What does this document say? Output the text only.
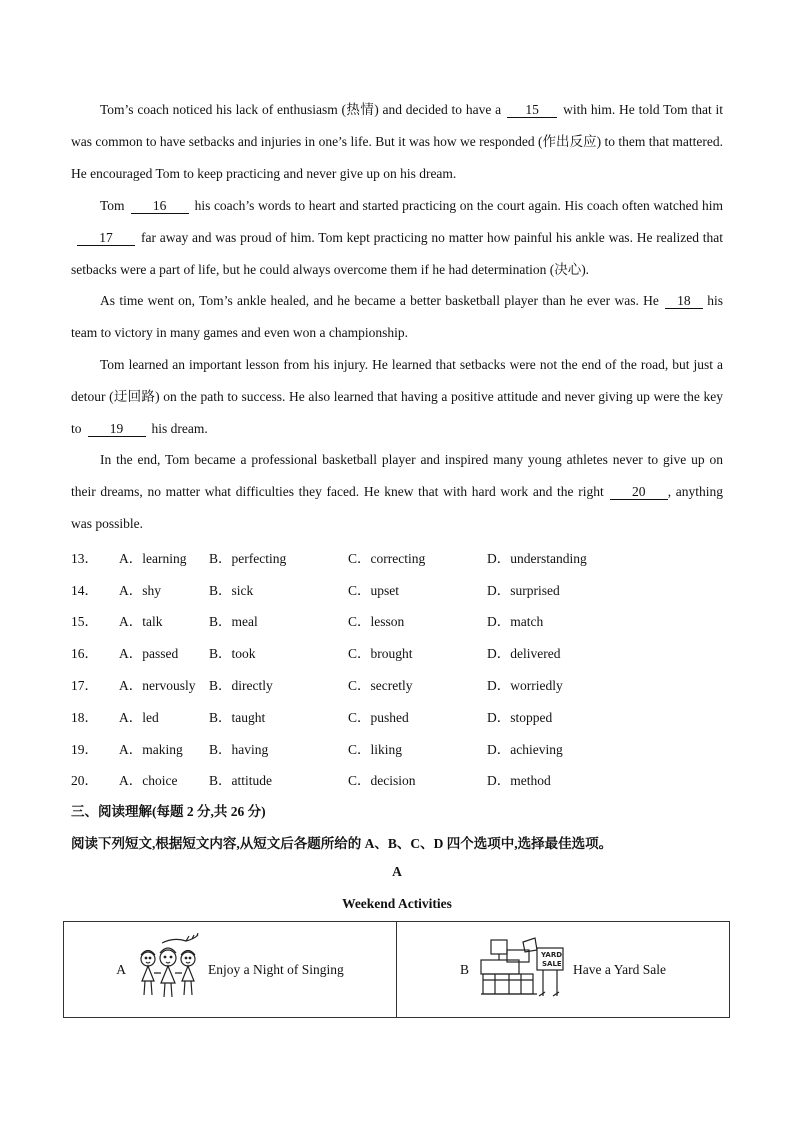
Tom’s coach noticed his lack of enthusiasm (热情) and decided to have a 15 with him. He told Tom that it was common to have setbacks and injuries in one’s life. But it was how we responded (作出反应) to them that mattered. He encouraged Tom to keep practicing and never give up on his dream.

Tom 16 his coach’s words to heart and started practicing on the court again. His coach often watched him17 far away and was proud of him. Tom kept practicing no matter how painful his ankle was. He realized that setbacks were a part of life, but he could always overcome them if he had determination (决心).

As time went on, Tom’s ankle healed, and he became a better basketball player than he ever was. He 18 his team to victory in many games and even won a championship.

Tom learned an important lesson from his injury. He learned that setbacks were not the end of the road, but just a detour (迂回路) on the path to success. He also learned that having a positive attitude and never giving up were the key to 19 his dream.

In the end, Tom became a professional basketball player and inspired many young athletes never to give up on their dreams, no matter what difficulties they faced. He knew that with hard work and the right 20 , anything was possible.

13．	A．learning	B．perfecting	C．correcting	D．understanding
14．	A．shy	B．sick	C．upset	D．surprised
15．	A．talk	B．meal	C．lesson	D．match
16．	A．passed	B．took	C．brought	D．delivered
17．	A．nervously	B．directly	C．secretly	D．worriedly
18．	A．led	B．taught	C．pushed	D．stopped
19．	A．making	B．having	C．liking	D．achieving
20．	A．choice	B．attitude	C．decision	D．method

三、阅读理解(每题 2 分,共 26 分)

阅读下列短文,根据短文内容,从短文后各题所给的 A、B、C、D 四个选项中,选择最佳选项。

A

Weekend Activities

A	Enjoy a Night of Singing	B
YARD
SALE Have a Yard Sale
